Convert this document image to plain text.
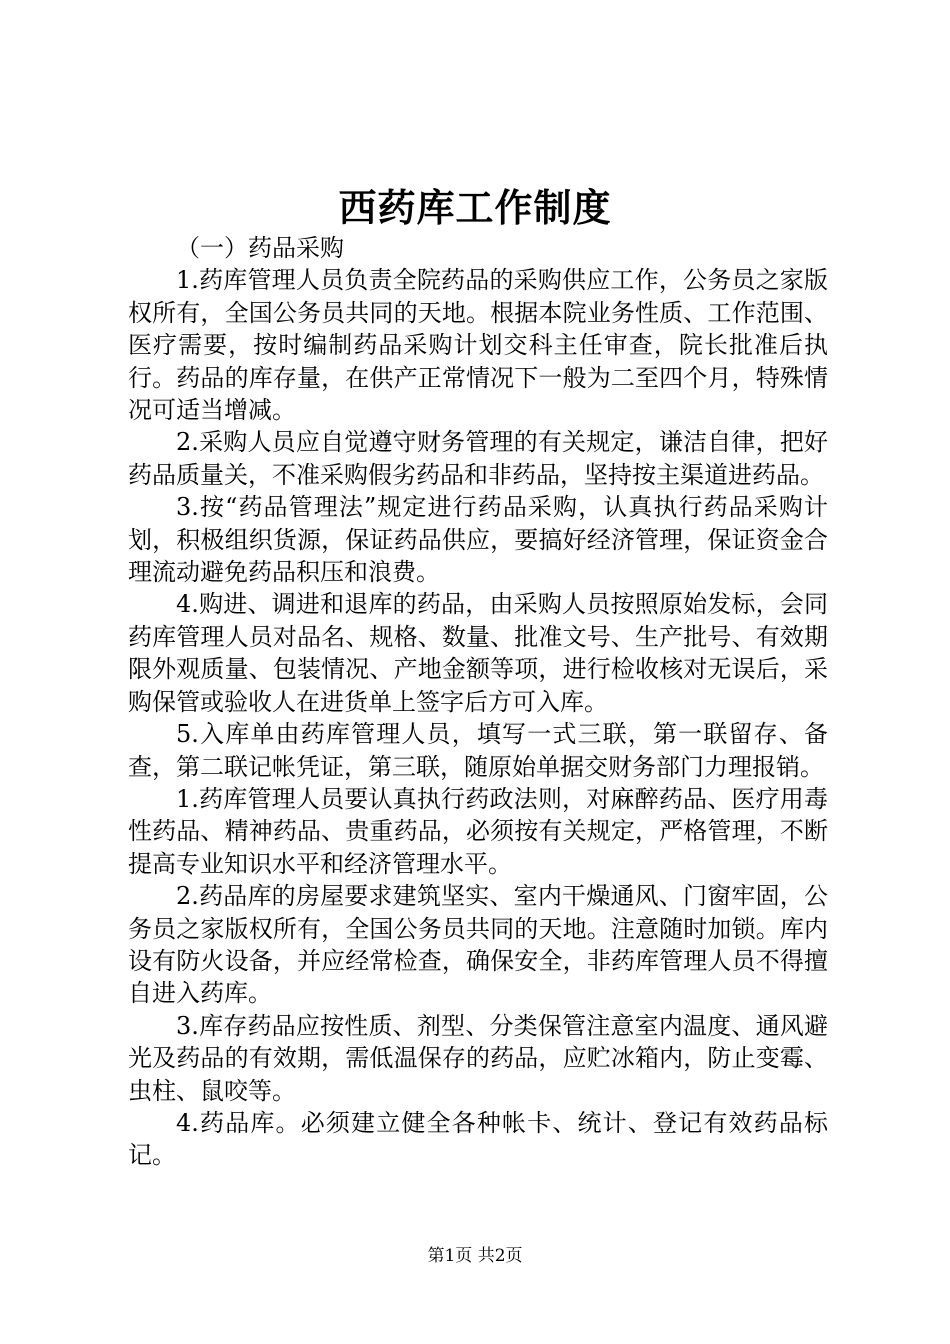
西药库工作制度

（一）药品采购

1.药库管理人员负责全院药品的采购供应工作，公务员之家版权所有，全国公务员共同的天地。根据本院业务性质、工作范围、医疗需要，按时编制药品采购计划交科主任审查，院长批准后执行。药品的库存量，在供产正常情况下一般为二至四个月，特殊情况可适当增减。

2.采购人员应自觉遵守财务管理的有关规定，谦洁自律，把好药品质量关，不准采购假劣药品和非药品，坚持按主渠道进药品。

3.按“药品管理法”规定进行药品采购，认真执行药品采购计划，积极组织货源，保证药品供应，要搞好经济管理，保证资金合理流动避免药品积压和浪费。

4.购进、调进和退库的药品，由采购人员按照原始发标，会同药库管理人员对品名、规格、数量、批准文号、生产批号、有效期限外观质量、包装情况、产地金额等项，进行检收核对无误后，采购保管或验收人在进货单上签字后方可入库。

5.入库单由药库管理人员，填写一式三联，第一联留存、备查，第二联记帐凭证，第三联，随原始单据交财务部门力理报销。

1.药库管理人员要认真执行药政法则，对麻醉药品、医疗用毒性药品、精神药品、贵重药品，必须按有关规定，严格管理，不断提高专业知识水平和经济管理水平。

2.药品库的房屋要求建筑坚实、室内干燥通风、门窗牢固，公务员之家版权所有，全国公务员共同的天地。注意随时加锁。库内设有防火设备，并应经常检查，确保安全，非药库管理人员不得擅自进入药库。

3.库存药品应按性质、剂型、分类保管注意室内温度、通风避光及药品的有效期，需低温保存的药品，应贮冰箱内，防止变霉、虫柱、鼠咬等。

4.药品库。必须建立健全各种帐卡、统计、登记有效药品标记。

第1页 共2页
